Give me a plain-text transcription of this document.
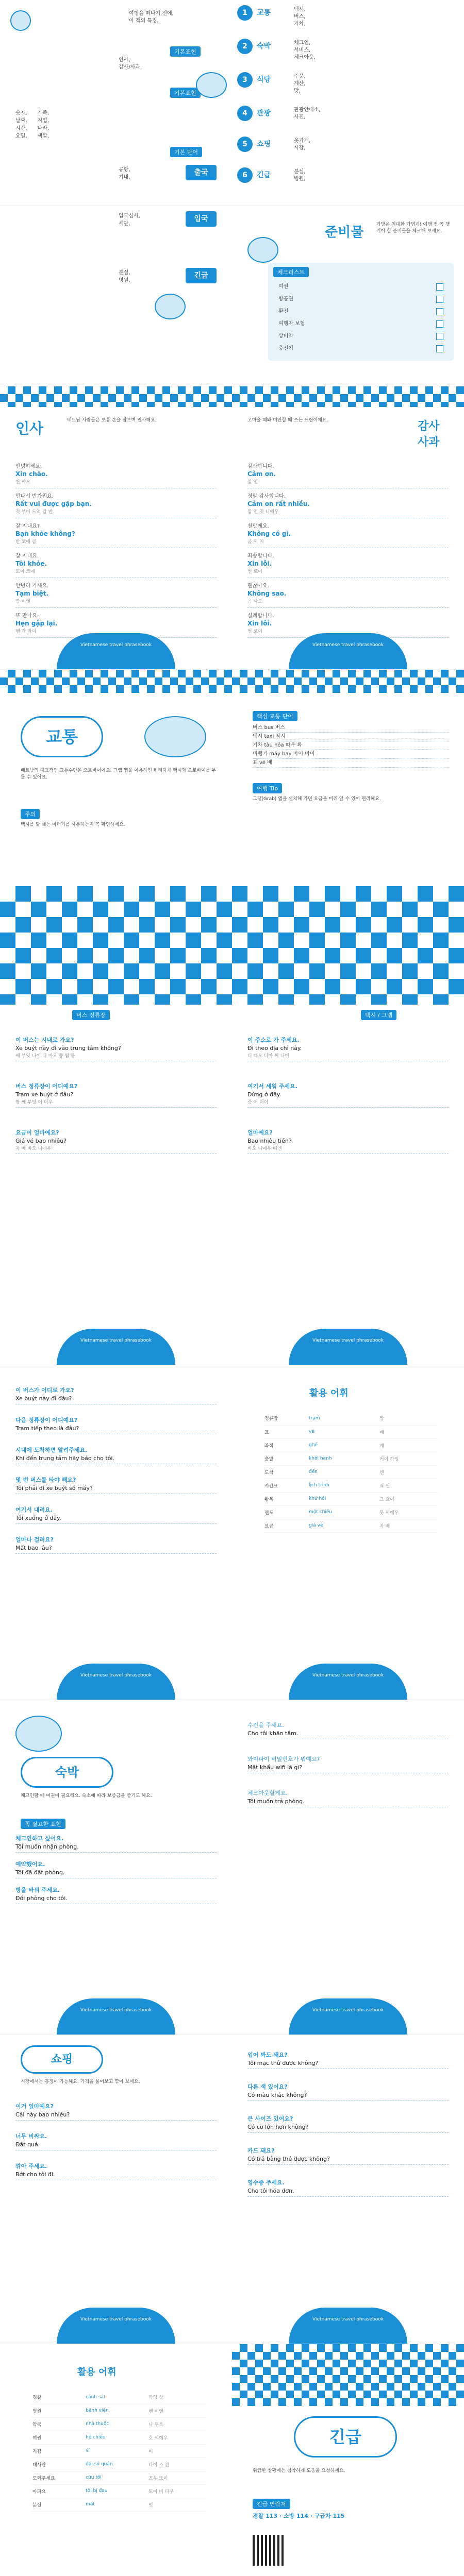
여행을 떠나기 전에,
이 책의 특징,
기본표현
인사,
감사/사과,
기본표현
숫자,
날짜,
시간,
요일,
가족,
직업,
나라,
색깔,
기본 단어
출국
공항,
기내,
1	교통	택시,
버스,
기차,
2	숙박	체크인,
서비스,
체크아웃,
3	식당	주문,
계산,
맛,
4	관광	관광안내소,
사진,
5	쇼핑	옷가게,
시장,
6	긴급	분실,
병원,
입국
입국심사,
세관,
긴급
분실,
병원,
준비물	가방은 최대한 가볍게! 여행 전 꼭 챙겨야 할 준비물을 체크해 보세요.
체크리스트
여권
항공권
환전
여행자 보험
상비약
충전기
인사	베트남 사람들은 보통 손을 잡으며 인사해요.
안녕하세요.
Xin chào.
씬 짜오
만나서 반가워요.
Rất vui được gặp bạn.
젓 부이 드억 갑 반
잘 지내요?
Bạn khỏe không?
반 코애 콤
잘 지내요.
Tôi khỏe.
또이 코애
안녕히 가세요.
Tạm biệt.
땀 비엣
또 만나요.
Hẹn gặp lại.
헨 갑 라이
Vietnamese travel phrasebook
감사 사과
고마울 때와 미안할 때 쓰는 표현이에요.
감사합니다.
Cảm ơn.
깜 언
정말 감사합니다.
Cảm ơn rất nhiều.
깜 언 젓 니에우
천만에요.
Không có gì.
콤 꺼 지
죄송합니다.
Xin lỗi.
씬 로이
괜찮아요.
Không sao.
콤 사오
실례합니다.
Xin lỗi.
씬 로이
Vietnamese travel phrasebook
교통
베트남의 대표적인 교통수단은 오토바이예요. 그랩 앱을 이용하면 편리하게 택시와 오토바이를 부를 수 있어요.
주의
택시를 탈 때는 미터기를 사용하는지 꼭 확인하세요.
핵심 교통 단어
버스 bus 버스
택시 taxi 딱시
기차 tàu hỏa 따우 화
비행기 máy bay 마이 바이
표 vé 배
여행 Tip
그랩(Grab) 앱을 설치해 가면 요금을 미리 알 수 있어 편리해요.
버스 정류장
이 버스는 시내로 가요?
Xe buýt này đi vào trung tâm không?
쌔 부잇 나이 디 바오 쭝 떰 콤
버스 정류장이 어디예요?
Trạm xe buýt ở đâu?
짬 쌔 부잇 어 더우
요금이 얼마예요?
Giá vé bao nhiêu?
자 배 바오 니에우
Vietnamese travel phrasebook
택시 / 그랩
이 주소로 가 주세요.
Đi theo địa chỉ này.
디 태오 디아 찌 나이
여기서 세워 주세요.
Dừng ở đây.
증 어 더이
얼마예요?
Bao nhiêu tiền?
바오 니에우 띠엔
Vietnamese travel phrasebook
이 버스가 어디로 가요?
Xe buýt này đi đâu?
다음 정류장이 어디예요?
Trạm tiếp theo là đâu?
시내에 도착하면 알려주세요.
Khi đến trung tâm hãy báo cho tôi.
몇 번 버스를 타야 해요?
Tôi phải đi xe buýt số mấy?
여기서 내려요.
Tôi xuống ở đây.
얼마나 걸려요?
Mất bao lâu?
Vietnamese travel phrasebook
활용 어휘
정류장	trạm	짬
표	vé	배
좌석	ghế	게
출발	khởi hành	커이 하잉
도착	đến	덴
시간표	lịch trình	릭 찐
왕복	khứ hồi	크 호이
편도	một chiều	못 찌에우
요금	giá vé	자 배
Vietnamese travel phrasebook
숙박
체크인할 때 여권이 필요해요. 숙소에 따라 보증금을 받기도 해요.
꼭 필요한 표현
체크인하고 싶어요.
Tôi muốn nhận phòng.
예약했어요.
Tôi đã đặt phòng.
방을 바꿔 주세요.
Đổi phòng cho tôi.
Vietnamese travel phrasebook
수건을 주세요.
Cho tôi khăn tắm.
와이파이 비밀번호가 뭐예요?
Mật khẩu wifi là gì?
체크아웃할게요.
Tôi muốn trả phòng.
Vietnamese travel phrasebook
쇼핑
시장에서는 흥정이 가능해요. 가격을 물어보고 깎아 보세요.
이거 얼마예요?
Cái này bao nhiêu?
너무 비싸요.
Đắt quá.
깎아 주세요.
Bớt cho tôi đi.
Vietnamese travel phrasebook
입어 봐도 돼요?
Tôi mặc thử được không?
다른 색 있어요?
Có màu khác không?
큰 사이즈 있어요?
Có cỡ lớn hơn không?
카드 돼요?
Có trả bằng thẻ được không?
영수증 주세요.
Cho tôi hóa đơn.
Vietnamese travel phrasebook
활용 어휘
경찰	cảnh sát	까잉 삿
병원	bệnh viện	벤 비엔
약국	nhà thuốc	냐 투옥
여권	hộ chiếu	호 찌에우
지갑	ví	비
대사관	đại sứ quán	다이 스 꽌
도와주세요	cứu tôi	끄우 또이
아파요	tôi bị đau	또이 비 다우
분실	mất	멋
긴급
위급한 상황에는 침착하게 도움을 요청하세요.
긴급 연락처
경찰 113 · 소방 114 · 구급차 115
